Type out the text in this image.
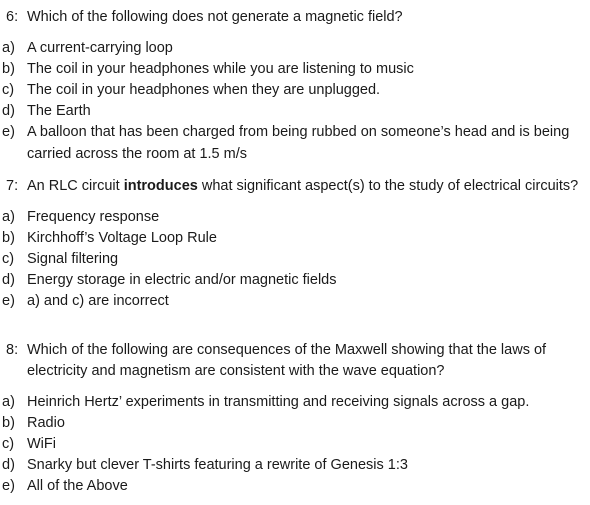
6: Which of the following does not generate a magnetic field?
a) A current-carrying loop
b) The coil in your headphones while you are listening to music
c) The coil in your headphones when they are unplugged.
d) The Earth
e) A balloon that has been charged from being rubbed on someone’s head and is being
carried across the room at 1.5 m/s
7: An RLC circuit introduces what significant aspect(s) to the study of electrical circuits?
a) Frequency response
b) Kirchhoff’s Voltage Loop Rule
c) Signal filtering
d) Energy storage in electric and/or magnetic fields
e) a) and c) are incorrect
8: Which of the following are consequences of the Maxwell showing that the laws of
electricity and magnetism are consistent with the wave equation?
a) Heinrich Hertz’ experiments in transmitting and receiving signals across a gap.
b) Radio
c) WiFi
d) Snarky but clever T-shirts featuring a rewrite of Genesis 1:3
e) All of the Above
